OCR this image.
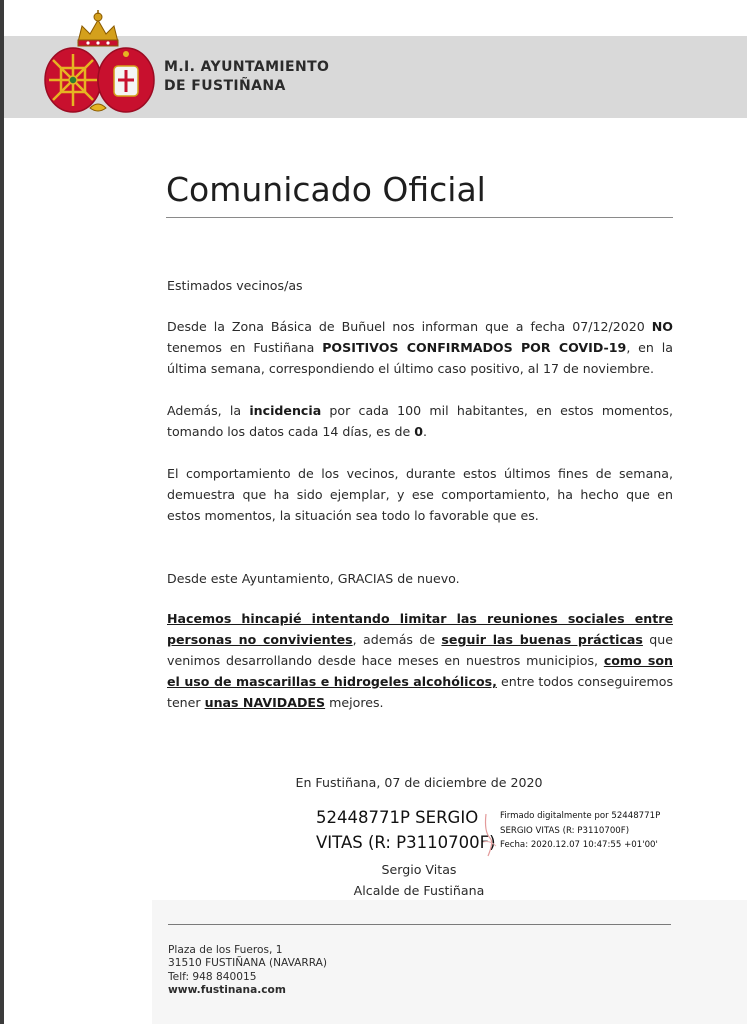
M.I. AYUNTAMIENTO
DE FUSTIÑANA
Comunicado Oficial

Estimados vecinos/as

Desde la Zona Básica de Buñuel nos informan que a fecha 07/12/2020 NO tenemos en Fustiñana POSITIVOS CONFIRMADOS POR COVID-19, en la última semana, correspondiendo el último caso positivo, al 17 de noviembre.

Además, la incidencia por cada 100 mil habitantes, en estos momentos, tomando los datos cada 14 días, es de 0.

El comportamiento de los vecinos, durante estos últimos fines de semana, demuestra que ha sido ejemplar, y ese comportamiento, ha hecho que en estos momentos, la situación sea todo lo favorable que es.

Desde este Ayuntamiento, GRACIAS de nuevo.

Hacemos hincapié intentando limitar las reuniones sociales entre personas no convivientes, además de seguir las buenas prácticas que venimos desarrollando desde hace meses en nuestros municipios, como son el uso de mascarillas e hidrogeles alcohólicos, entre todos conseguiremos tener unas NAVIDADES mejores.

En Fustiñana, 07 de diciembre de 2020
52448771P SERGIO
VITAS (R: P3110700F)
Firmado digitalmente por 52448771P
SERGIO VITAS (R: P3110700F)
Fecha: 2020.12.07 10:47:55 +01'00'
Sergio Vitas
Alcalde de Fustiñana
Plaza de los Fueros, 1
31510 FUSTIÑANA (NAVARRA)
Telf: 948 840015
www.fustinana.com
